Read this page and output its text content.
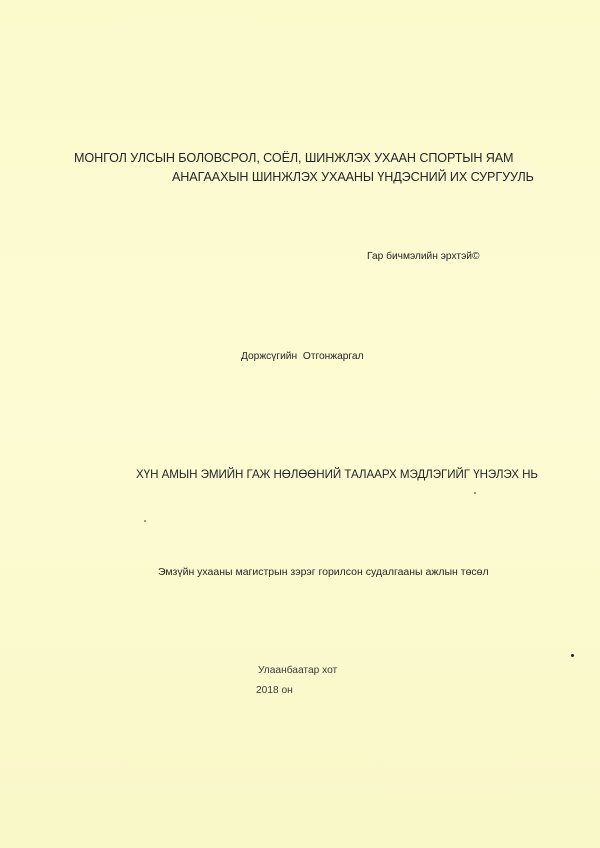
МОНГОЛ УЛСЫН БОЛОВСРОЛ, СОЁЛ, ШИНЖЛЭХ УХААН СПОРТЫН ЯАМ
АНАГААХЫН ШИНЖЛЭХ УХААНЫ ҮНДЭСНИЙ ИХ СУРГУУЛЬ
Гар бичмэлийн эрхтэй©
Доржсүгийн Отгонжаргал
ХҮН АМЫН ЭМИЙН ГАЖ НӨЛӨӨНИЙ ТАЛААРХ МЭДЛЭГИЙГ ҮНЭЛЭХ НЬ
Эмзүйн ухааны магистрын зэрэг горилсон судалгааны ажлын төсөл
Улаанбаатар хот
2018 он
